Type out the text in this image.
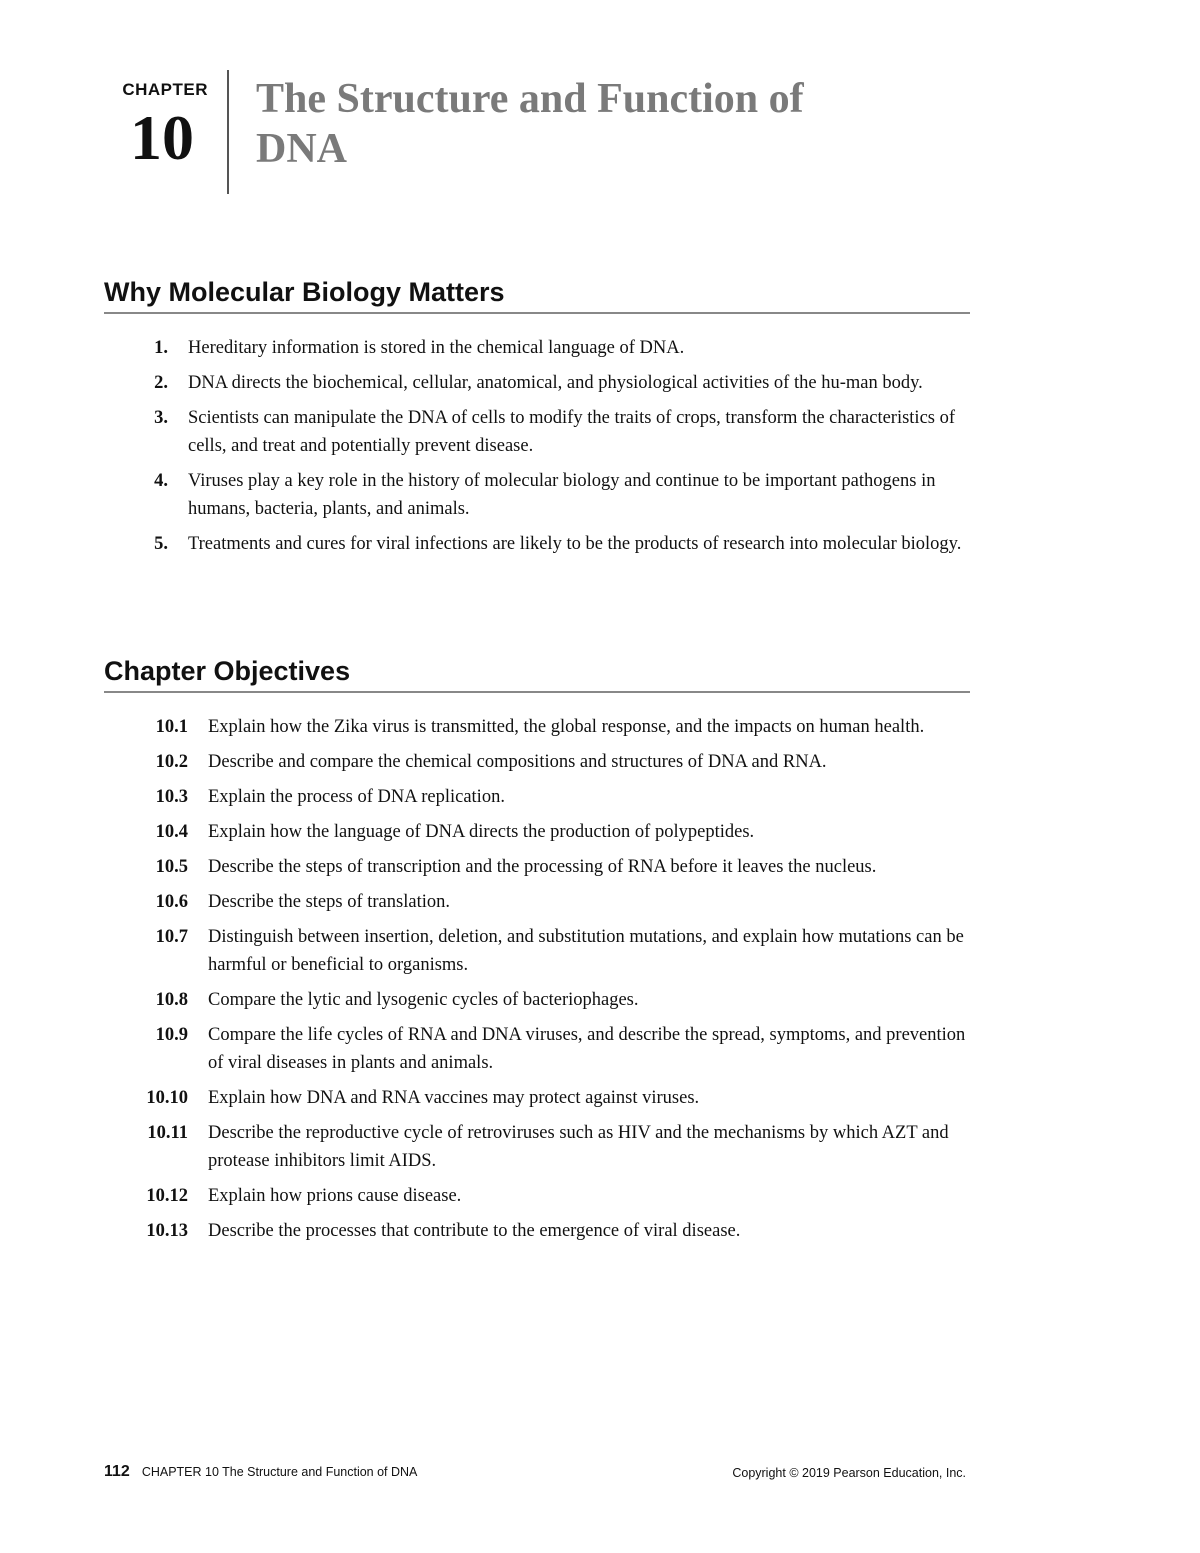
CHAPTER
10
The Structure and Function of
DNA
Why Molecular Biology Matters
1.	Hereditary information is stored in the chemical language of DNA.
2.	DNA directs the biochemical, cellular, anatomical, and physiological activities of the hu-man body.
3.	Scientists can manipulate the DNA of cells to modify the traits of crops, transform the characteristics of cells, and treat and potentially prevent disease.
4.	Viruses play a key role in the history of molecular biology and continue to be important pathogens in humans, bacteria, plants, and animals.
5.	Treatments and cures for viral infections are likely to be the products of research into molecular biology.
Chapter Objectives
10.1	Explain how the Zika virus is transmitted, the global response, and the impacts on human health.
10.2	Describe and compare the chemical compositions and structures of DNA and RNA.
10.3	Explain the process of DNA replication.
10.4	Explain how the language of DNA directs the production of polypeptides.
10.5	Describe the steps of transcription and the processing of RNA before it leaves the nucleus.
10.6	Describe the steps of translation.
10.7	Distinguish between insertion, deletion, and substitution mutations, and explain how mutations can be harmful or beneficial to organisms.
10.8	Compare the lytic and lysogenic cycles of bacteriophages.
10.9	Compare the life cycles of RNA and DNA viruses, and describe the spread, symptoms, and prevention of viral diseases in plants and animals.
10.10	Explain how DNA and RNA vaccines may protect against viruses.
10.11	Describe the reproductive cycle of retroviruses such as HIV and the mechanisms by which AZT and protease inhibitors limit AIDS.
10.12	Explain how prions cause disease.
10.13	Describe the processes that contribute to the emergence of viral disease.
112 CHAPTER 10 The Structure and Function of DNA	Copyright © 2019 Pearson Education, Inc.
